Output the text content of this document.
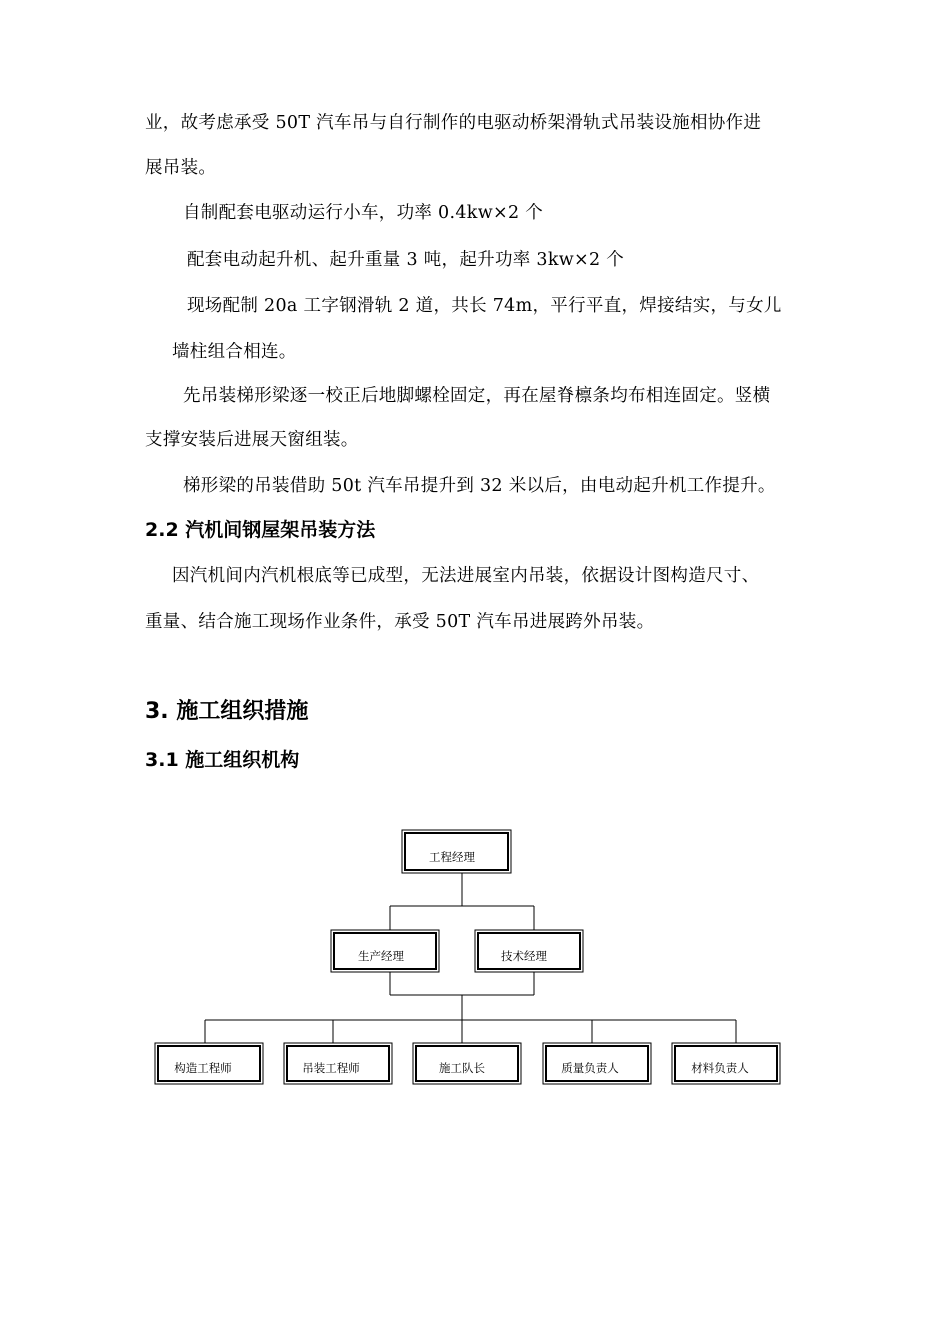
业，故考虑承受 50T 汽车吊与自行制作的电驱动桥架滑轨式吊装设施相协作进
展吊装。
自制配套电驱动运行小车，功率 0.4kw×2 个
配套电动起升机、起升重量 3 吨，起升功率 3kw×2 个
现场配制 20a 工字钢滑轨 2 道，共长 74m，平行平直，焊接结实，与女儿
墙柱组合相连。
先吊装梯形梁逐一校正后地脚螺栓固定，再在屋脊檩条均布相连固定。竖横
支撑安装后进展天窗组装。
梯形梁的吊装借助 50t 汽车吊提升到 32 米以后，由电动起升机工作提升。
2.2 汽机间钢屋架吊装方法
因汽机间内汽机根底等已成型，无法进展室内吊装，依据设计图构造尺寸、
重量、结合施工现场作业条件，承受 50T 汽车吊进展跨外吊装。
3. 施工组织措施
3.1 施工组织机构
工程经理
生产经理	技术经理
构造工程师	吊装工程师	施工队长	质量负责人	材料负责人
